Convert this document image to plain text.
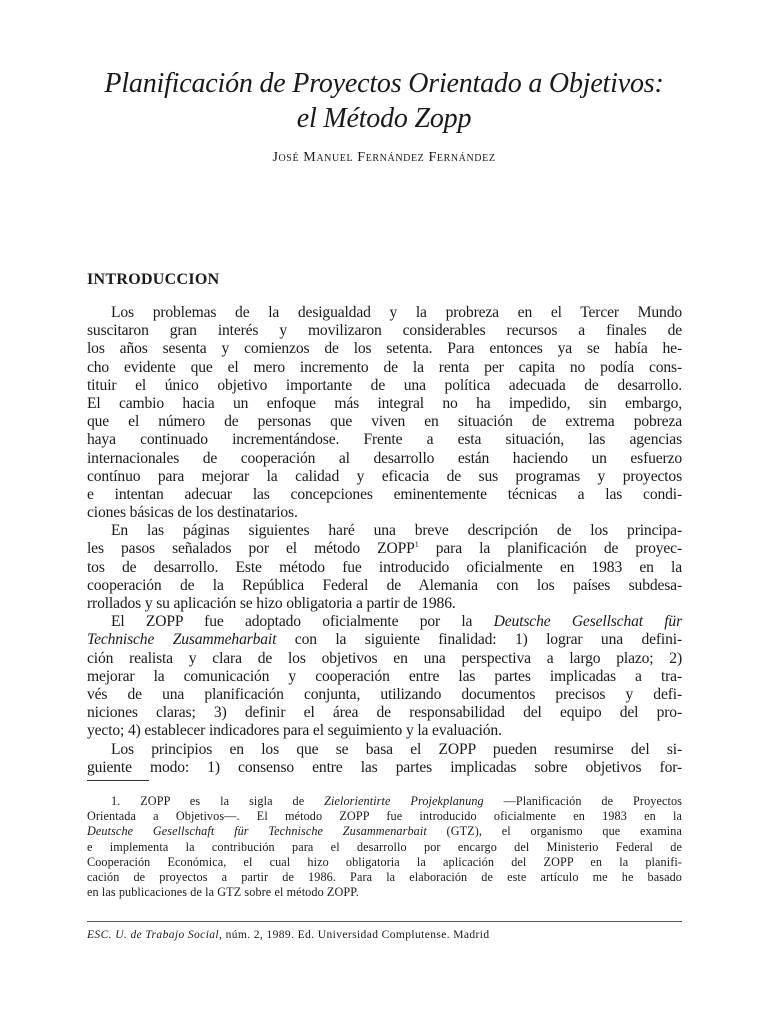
Planificación de Proyectos Orientado a Objetivos:
el Método Zopp
José Manuel Fernández Fernández
INTRODUCCION
Los problemas de la desigualdad y la probreza en el Tercer Mundo
suscitaron gran interés y movilizaron considerables recursos a finales de
los años sesenta y comienzos de los setenta. Para entonces ya se había he-
cho evidente que el mero incremento de la renta per capita no podía cons-
tituir el único objetivo importante de una política adecuada de desarrollo.
El cambio hacia un enfoque más integral no ha impedido, sin embargo,
que el número de personas que viven en situación de extrema pobreza
haya continuado incrementándose. Frente a esta situación, las agencias
internacionales de cooperación al desarrollo están haciendo un esfuerzo
contínuo para mejorar la calidad y eficacia de sus programas y proyectos
e intentan adecuar las concepciones eminentemente técnicas a las condi-
ciones básicas de los destinatarios.
En las páginas siguientes haré una breve descripción de los principa-
les pasos señalados por el método ZOPP$^1$ para la planificación de proyec-
tos de desarrollo. Este método fue introducido oficialmente en 1983 en la
cooperación de la República Federal de Alemania con los países subdesa-
rrollados y su aplicación se hizo obligatoria a partir de 1986.
El ZOPP fue adoptado oficialmente por la Deutsche Gesellschat für
Technische Zusammeharbait con la siguiente finalidad: 1) lograr una defini-
ción realista y clara de los objetivos en una perspectiva a largo plazo; 2)
mejorar la comunicación y cooperación entre las partes implicadas a tra-
vés de una planificación conjunta, utilizando documentos precisos y defi-
niciones claras; 3) definir el área de responsabilidad del equipo del pro-
yecto; 4) establecer indicadores para el seguimiento y la evaluación.
Los principios en los que se basa el ZOPP pueden resumirse del si-
guiente modo: 1) consenso entre las partes implicadas sobre objetivos for-
1. ZOPP es la sigla de Zielorientirte Projekplanung —Planificación de Proyectos
Orientada a Objetivos—. El método ZOPP fue introducido oficialmente en 1983 en la
Deutsche Gesellschaft für Technische Zusammenarbait (GTZ), el organismo que examina
e implementa la contribución para el desarrollo por encargo del Ministerio Federal de
Cooperación Económica, el cual hizo obligatoria la aplicación del ZOPP en la planifi-
cación de proyectos a partir de 1986. Para la elaboración de este artículo me he basado
en las publicaciones de la GTZ sobre el método ZOPP.
ESC. U. de Trabajo Social, núm. 2, 1989. Ed. Universidad Complutense. Madrid
